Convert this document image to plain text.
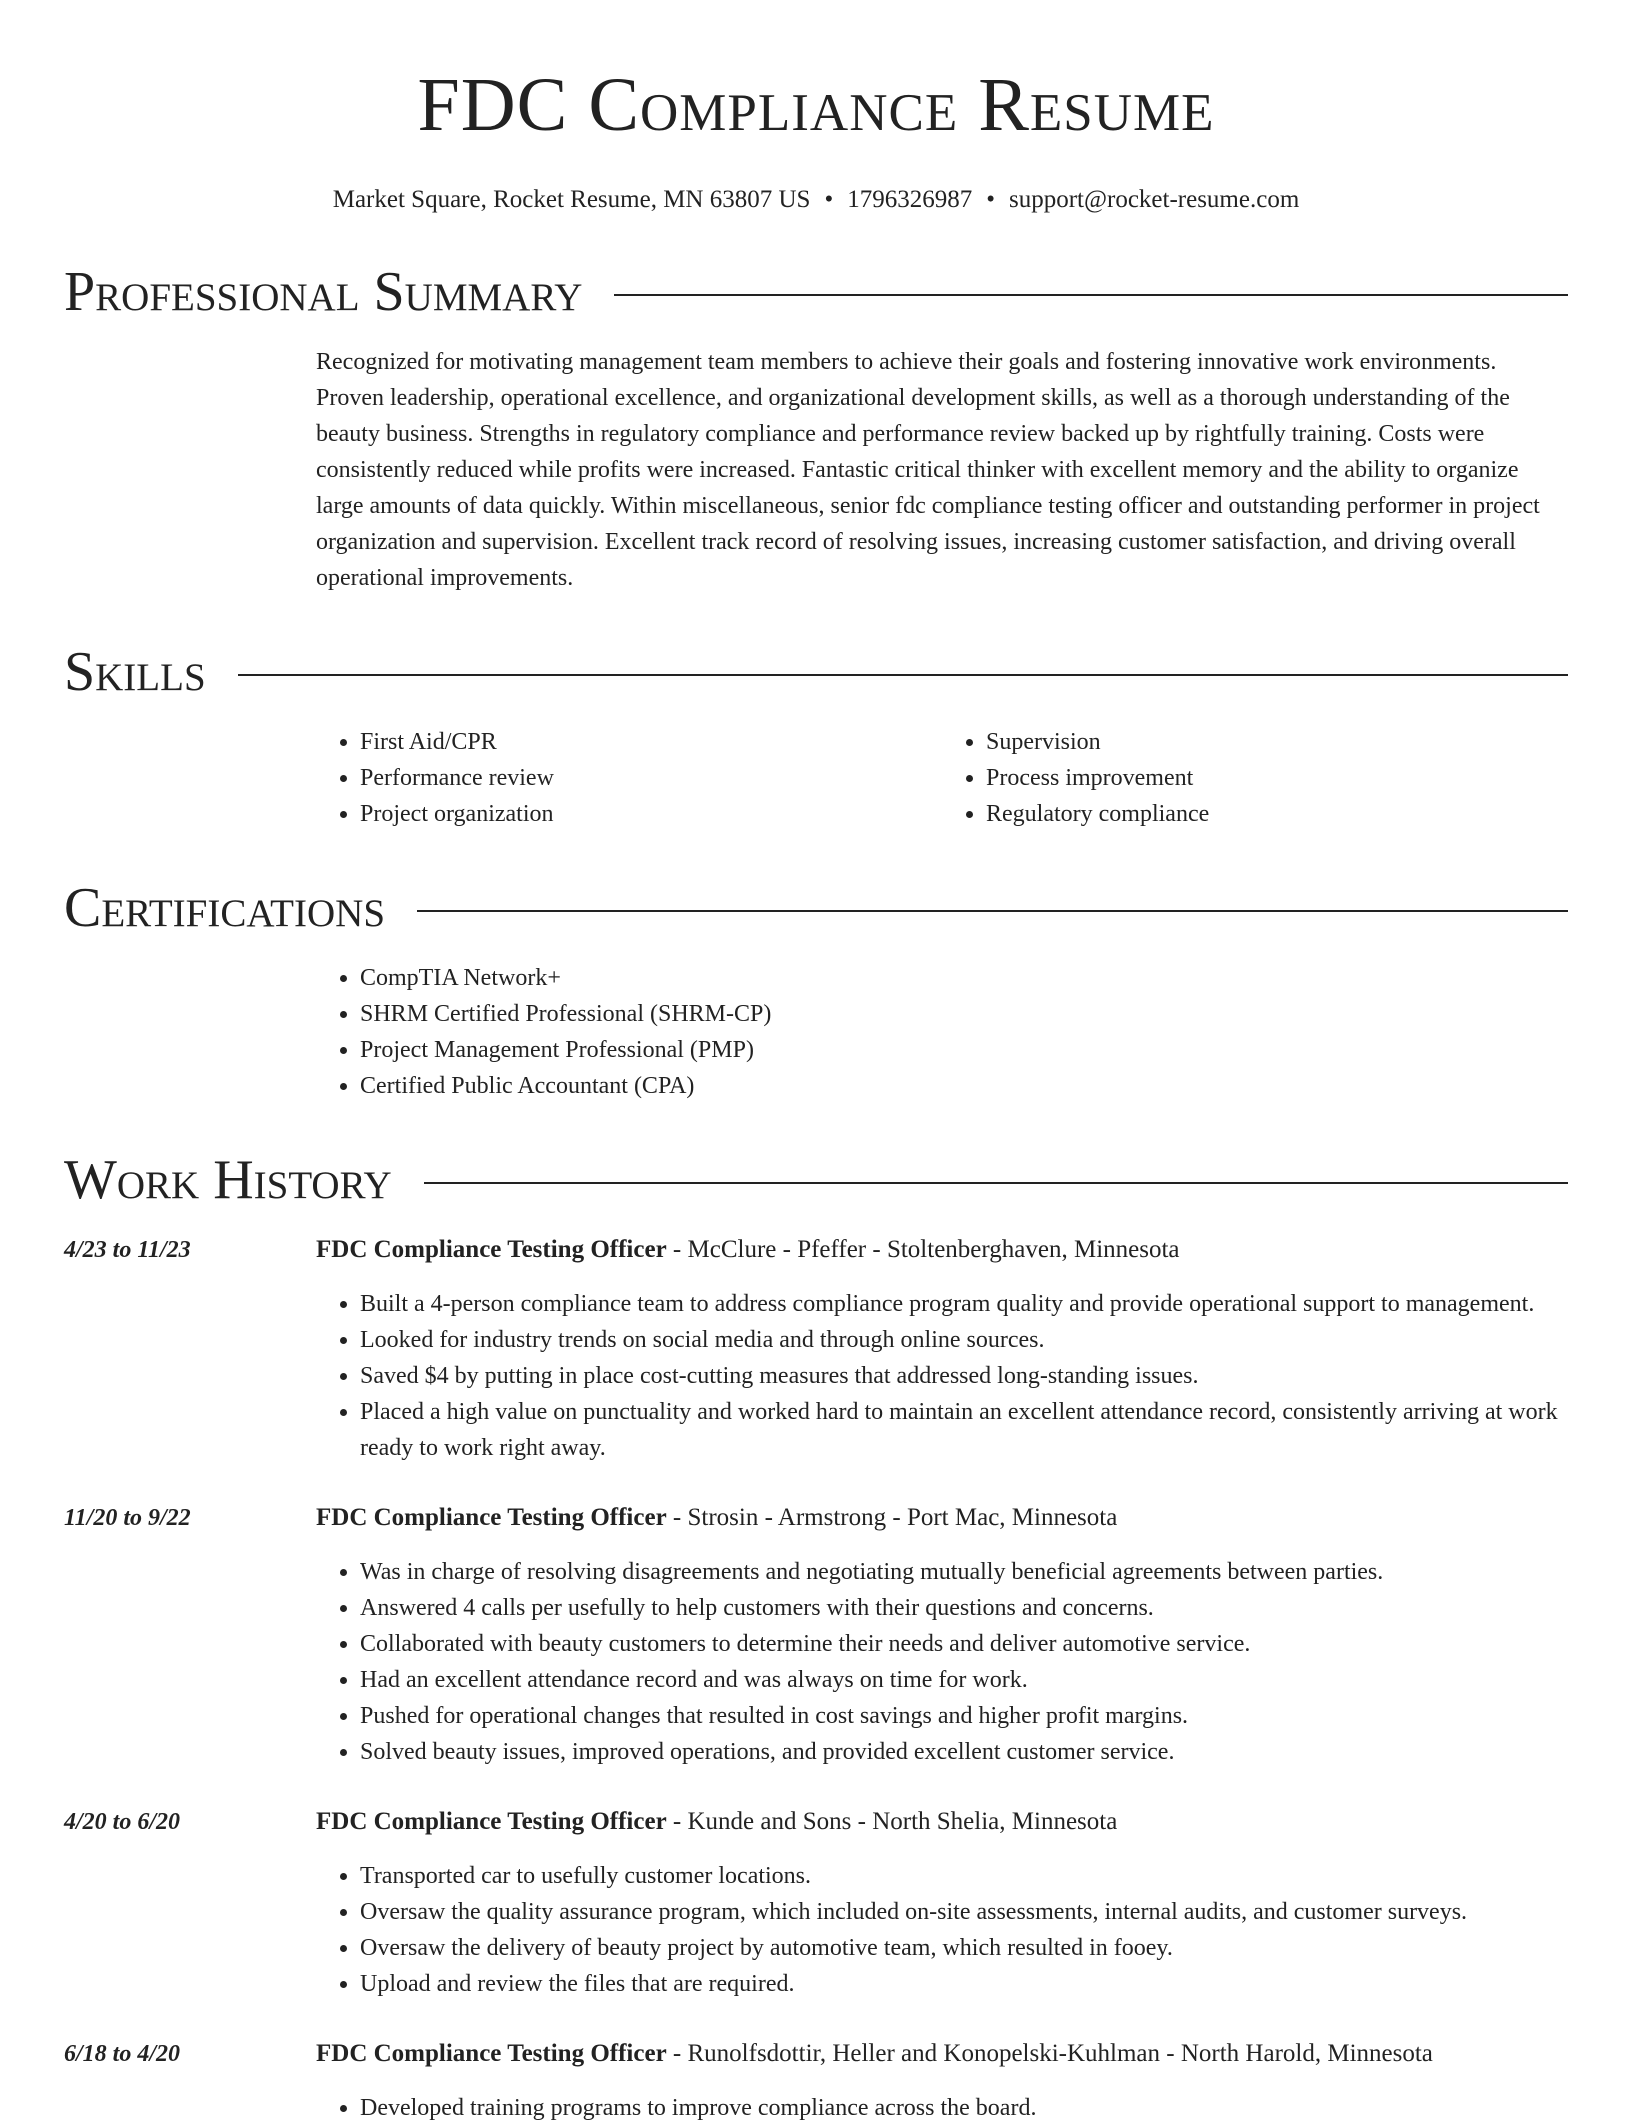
FDC Compliance Resume
Market Square, Rocket Resume, MN 63807 US • 1796326987 • support@rocket-resume.com
Professional Summary

Recognized for motivating management team members to achieve their goals and fostering innovative work environments. Proven leadership, operational excellence, and organizational development skills, as well as a thorough understanding of the beauty business. Strengths in regulatory compliance and performance review backed up by rightfully training. Costs were consistently reduced while profits were increased. Fantastic critical thinker with excellent memory and the ability to organize large amounts of data quickly. Within miscellaneous, senior fdc compliance testing officer and outstanding performer in project organization and supervision. Excellent track record of resolving issues, increasing customer satisfaction, and driving overall operational improvements.

Skills
• First Aid/CPR
• Performance review
• Project organization
• Supervision
• Process improvement
• Regulatory compliance
Certifications
• CompTIA Network+
• SHRM Certified Professional (SHRM-CP)
• Project Management Professional (PMP)
• Certified Public Accountant (CPA)
Work History
4/23 to 11/23	FDC Compliance Testing Officer - McClure - Pfeffer - Stoltenberghaven, Minnesota
• Built a 4-person compliance team to address compliance program quality and provide operational support to management.
• Looked for industry trends on social media and through online sources.
• Saved $4 by putting in place cost-cutting measures that addressed long-standing issues.
• Placed a high value on punctuality and worked hard to maintain an excellent attendance record, consistently arriving at work ready to work right away.
11/20 to 9/22	FDC Compliance Testing Officer - Strosin - Armstrong - Port Mac, Minnesota
• Was in charge of resolving disagreements and negotiating mutually beneficial agreements between parties.
• Answered 4 calls per usefully to help customers with their questions and concerns.
• Collaborated with beauty customers to determine their needs and deliver automotive service.
• Had an excellent attendance record and was always on time for work.
• Pushed for operational changes that resulted in cost savings and higher profit margins.
• Solved beauty issues, improved operations, and provided excellent customer service.
4/20 to 6/20	FDC Compliance Testing Officer - Kunde and Sons - North Shelia, Minnesota
• Transported car to usefully customer locations.
• Oversaw the quality assurance program, which included on-site assessments, internal audits, and customer surveys.
• Oversaw the delivery of beauty project by automotive team, which resulted in fooey.
• Upload and review the files that are required.
6/18 to 4/20	FDC Compliance Testing Officer - Runolfsdottir, Heller and Konopelski-Kuhlman - North Harold, Minnesota
• Developed training programs to improve compliance across the board.
